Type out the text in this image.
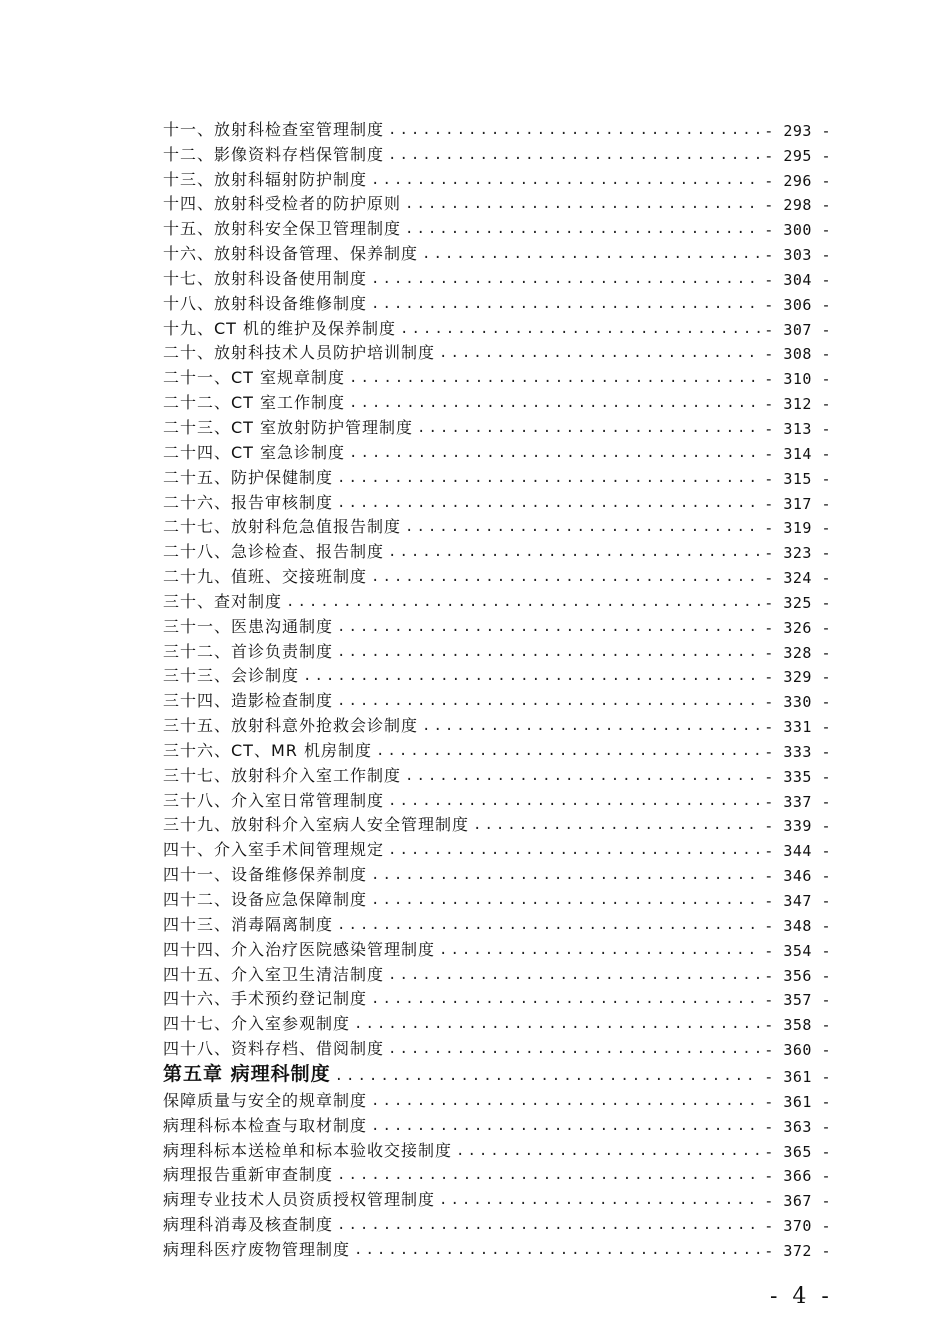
十一、放射科检查室管理制度 .....	- 293 -
十二、影像资料存档保管制度 .....	- 295 -
十三、放射科辐射防护制度 .....	- 296 -
十四、放射科受检者的防护原则 .....	- 298 -
十五、放射科安全保卫管理制度 .....	- 300 -
十六、放射科设备管理、保养制度 .....	- 303 -
十七、放射科设备使用制度 .....	- 304 -
十八、放射科设备维修制度 .....	- 306 -
十九、CT 机的维护及保养制度 .....	- 307 -
二十、放射科技术人员防护培训制度 .....	- 308 -
二十一、CT 室规章制度 .....	- 310 -
二十二、CT 室工作制度 .....	- 312 -
二十三、CT 室放射防护管理制度 .....	- 313 -
二十四、CT 室急诊制度 .....	- 314 -
二十五、防护保健制度 .....	- 315 -
二十六、报告审核制度 .....	- 317 -
二十七、放射科危急值报告制度 .....	- 319 -
二十八、急诊检查、报告制度 .....	- 323 -
二十九、值班、交接班制度 .....	- 324 -
三十、查对制度 .....	- 325 -
三十一、医患沟通制度 .....	- 326 -
三十二、首诊负责制度 .....	- 328 -
三十三、会诊制度 .....	- 329 -
三十四、造影检查制度 .....	- 330 -
三十五、放射科意外抢救会诊制度 .....	- 331 -
三十六、CT、MR 机房制度 .....	- 333 -
三十七、放射科介入室工作制度 .....	- 335 -
三十八、介入室日常管理制度 .....	- 337 -
三十九、放射科介入室病人安全管理制度 .....	- 339 -
四十、介入室手术间管理规定 .....	- 344 -
四十一、设备维修保养制度 .....	- 346 -
四十二、设备应急保障制度 .....	- 347 -
四十三、消毒隔离制度 .....	- 348 -
四十四、介入治疗医院感染管理制度 .....	- 354 -
四十五、介入室卫生清洁制度 .....	- 356 -
四十六、手术预约登记制度 .....	- 357 -
四十七、介入室参观制度 .....	- 358 -
四十八、资料存档、借阅制度 .....	- 360 -
第五章 病理科制度 .....	- 361 -
保障质量与安全的规章制度 .....	- 361 -
病理科标本检查与取材制度 .....	- 363 -
病理科标本送检单和标本验收交接制度 .....	- 365 -
病理报告重新审查制度 .....	- 366 -
病理专业技术人员资质授权管理制度 .....	- 367 -
病理科消毒及核查制度 .....	- 370 -
病理科医疗废物管理制度 .....	- 372 -
- 4 -
